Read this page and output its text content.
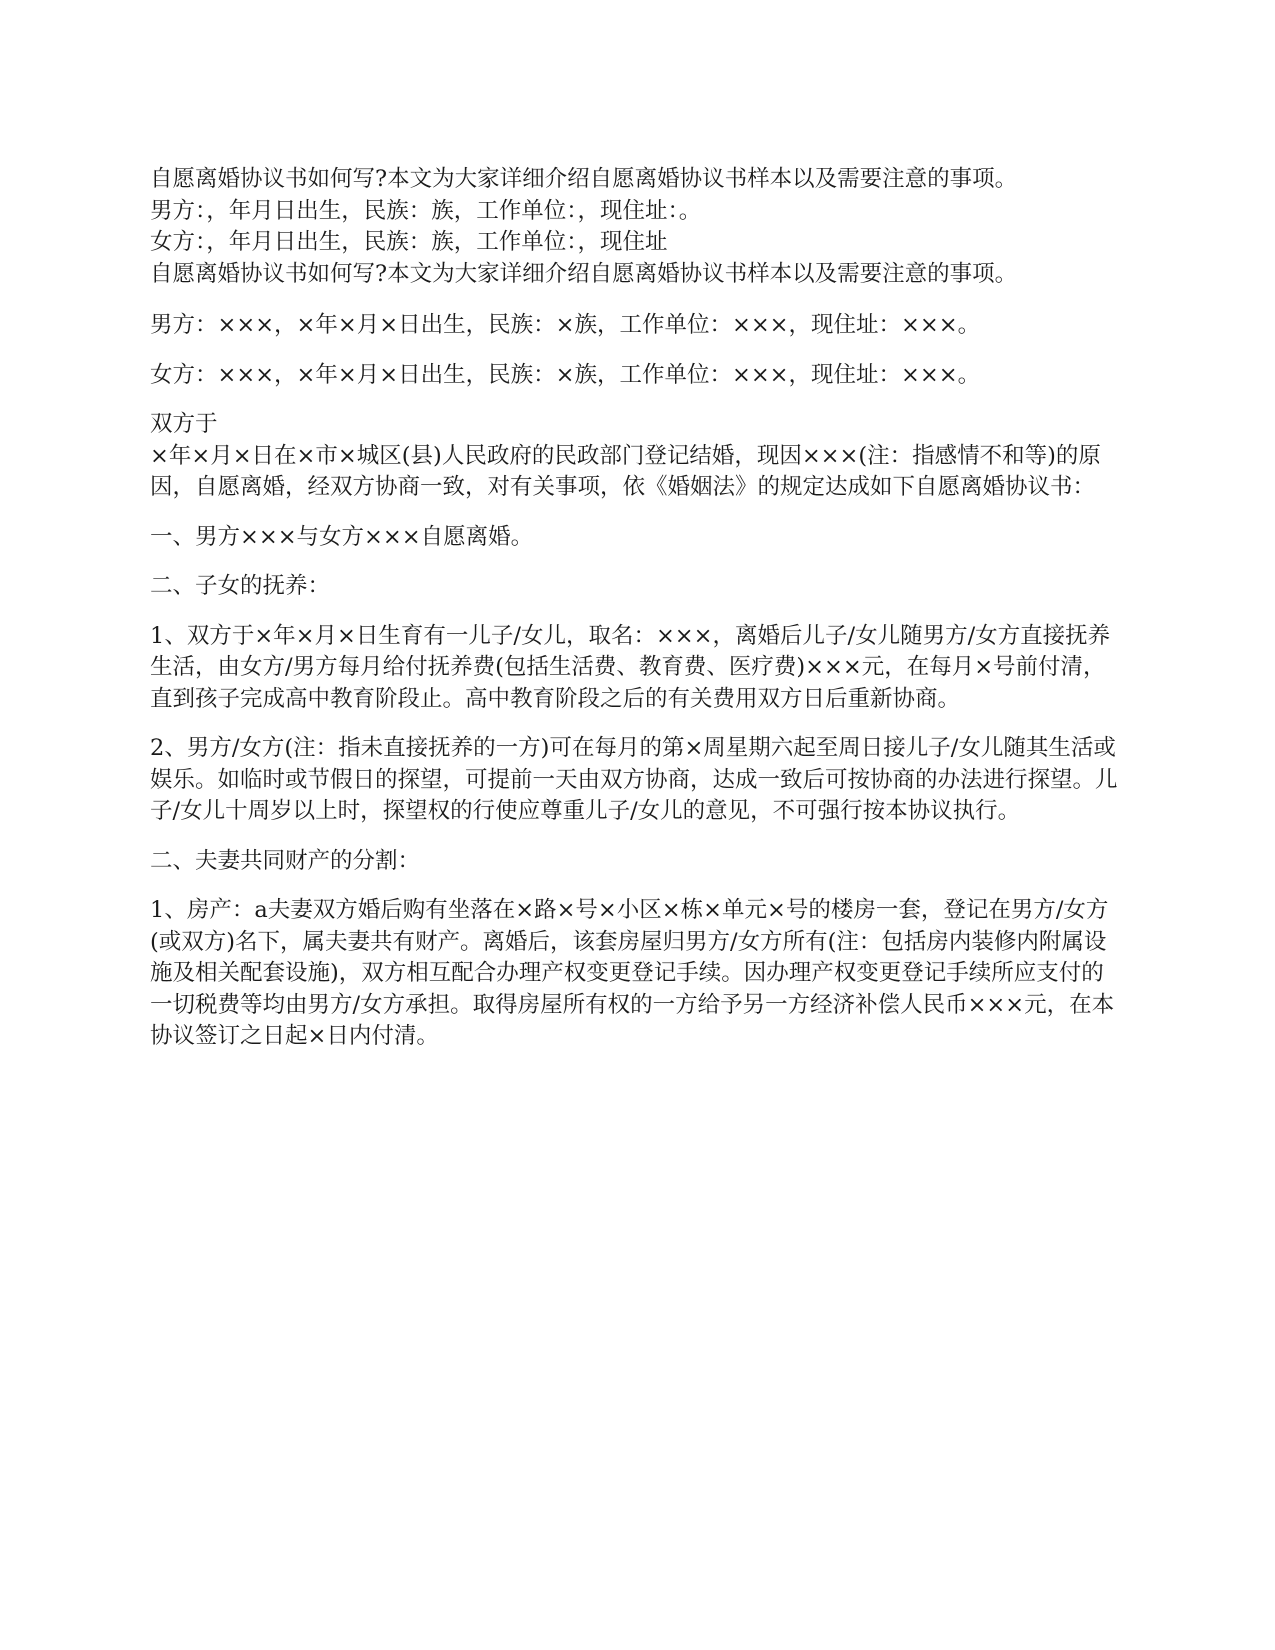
自愿离婚协议书如何写?本文为大家详细介绍自愿离婚协议书样本以及需要注意的事项。

男方：，年月日出生，民族：族，工作单位：，现住址：。

女方：，年月日出生，民族：族，工作单位：，现住址

自愿离婚协议书如何写?本文为大家详细介绍自愿离婚协议书样本以及需要注意的事项。

男方：×××，×年×月×日出生，民族：×族，工作单位：×××，现住址：×××。

女方：×××，×年×月×日出生，民族：×族，工作单位：×××，现住址：×××。

双方于

×年×月×日在×市×城区(县)人民政府的民政部门登记结婚，现因×××(注：指感情不和等)的原因，自愿离婚，经双方协商一致，对有关事项，依《婚姻法》的规定达成如下自愿离婚协议书：

一、男方×××与女方×××自愿离婚。

二、子女的抚养：

1、双方于×年×月×日生育有一儿子/女儿，取名：×××，离婚后儿子/女儿随男方/女方直接抚养生活，由女方/男方每月给付抚养费(包括生活费、教育费、医疗费)×××元，在每月×号前付清，直到孩子完成高中教育阶段止。高中教育阶段之后的有关费用双方日后重新协商。

2、男方/女方(注：指未直接抚养的一方)可在每月的第×周星期六起至周日接儿子/女儿随其生活或娱乐。如临时或节假日的探望，可提前一天由双方协商，达成一致后可按协商的办法进行探望。儿子/女儿十周岁以上时，探望权的行使应尊重儿子/女儿的意见，不可强行按本协议执行。

二、夫妻共同财产的分割：

1、房产：a夫妻双方婚后购有坐落在×路×号×小区×栋×单元×号的楼房一套，登记在男方/女方(或双方)名下，属夫妻共有财产。离婚后，该套房屋归男方/女方所有(注：包括房内装修内附属设施及相关配套设施)，双方相互配合办理产权变更登记手续。因办理产权变更登记手续所应支付的一切税费等均由男方/女方承担。取得房屋所有权的一方给予另一方经济补偿人民币×××元，在本协议签订之日起×日内付清。
